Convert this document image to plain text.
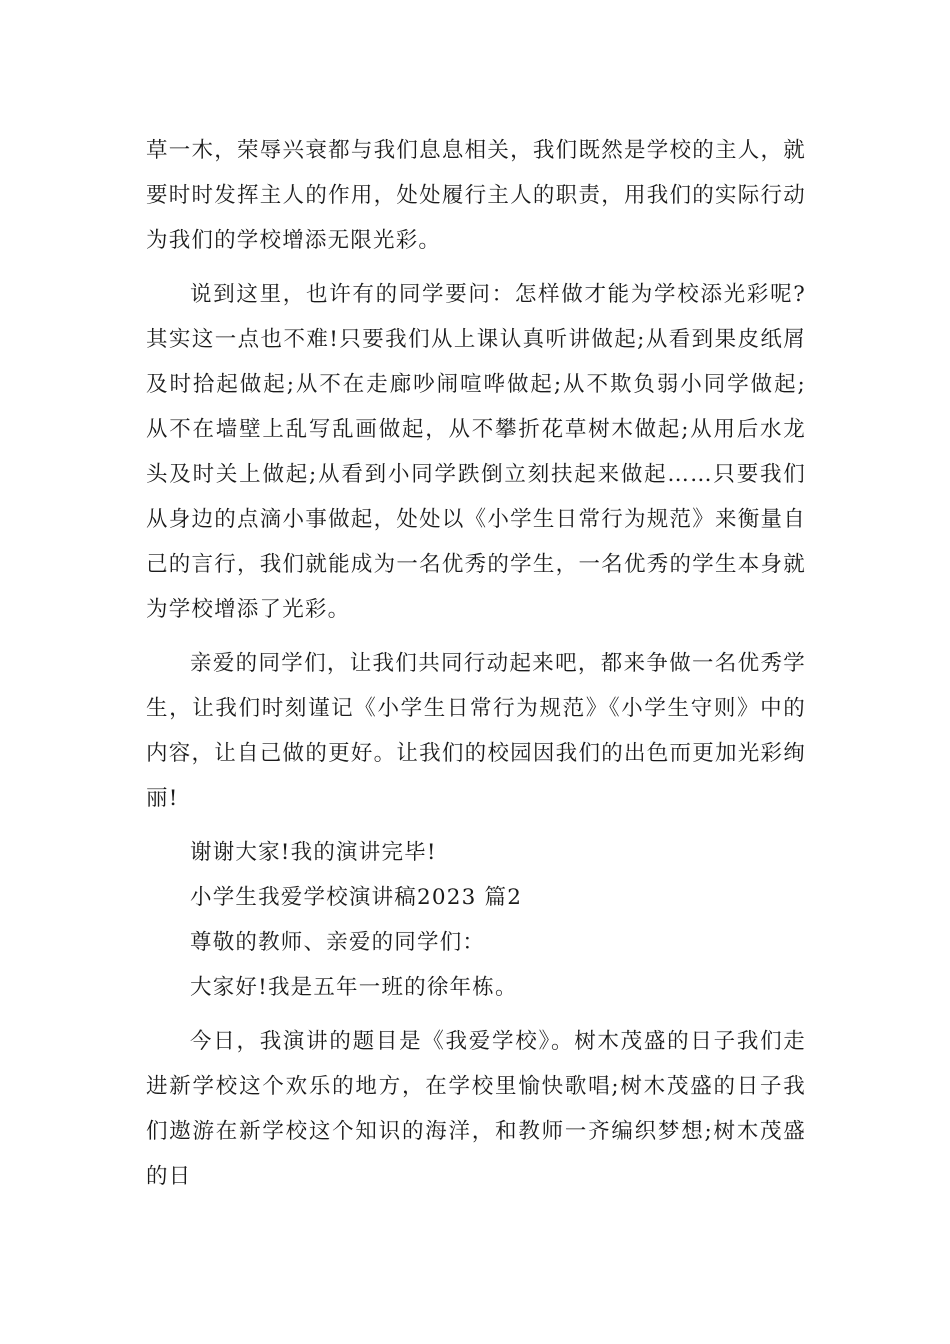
草一木，荣辱兴衰都与我们息息相关，我们既然是学校的主人，就要时时发挥主人的作用，处处履行主人的职责，用我们的实际行动为我们的学校增添无限光彩。

说到这里，也许有的同学要问：怎样做才能为学校添光彩呢?其实这一点也不难!只要我们从上课认真听讲做起;从看到果皮纸屑及时拾起做起;从不在走廊吵闹喧哗做起;从不欺负弱小同学做起;从不在墙壁上乱写乱画做起，从不攀折花草树木做起;从用后水龙头及时关上做起;从看到小同学跌倒立刻扶起来做起……只要我们从身边的点滴小事做起，处处以《小学生日常行为规范》来衡量自己的言行，我们就能成为一名优秀的学生，一名优秀的学生本身就为学校增添了光彩。

亲爱的同学们，让我们共同行动起来吧，都来争做一名优秀学生，让我们时刻谨记《小学生日常行为规范》《小学生守则》中的内容，让自己做的更好。让我们的校园因我们的出色而更加光彩绚丽!

谢谢大家!我的演讲完毕!

小学生我爱学校演讲稿2023 篇2

尊敬的教师、亲爱的同学们：

大家好!我是五年一班的徐年栋。

今日，我演讲的题目是《我爱学校》。树木茂盛的日子我们走进新学校这个欢乐的地方，在学校里愉快歌唱;树木茂盛的日子我们遨游在新学校这个知识的海洋，和教师一齐编织梦想;树木茂盛的日
